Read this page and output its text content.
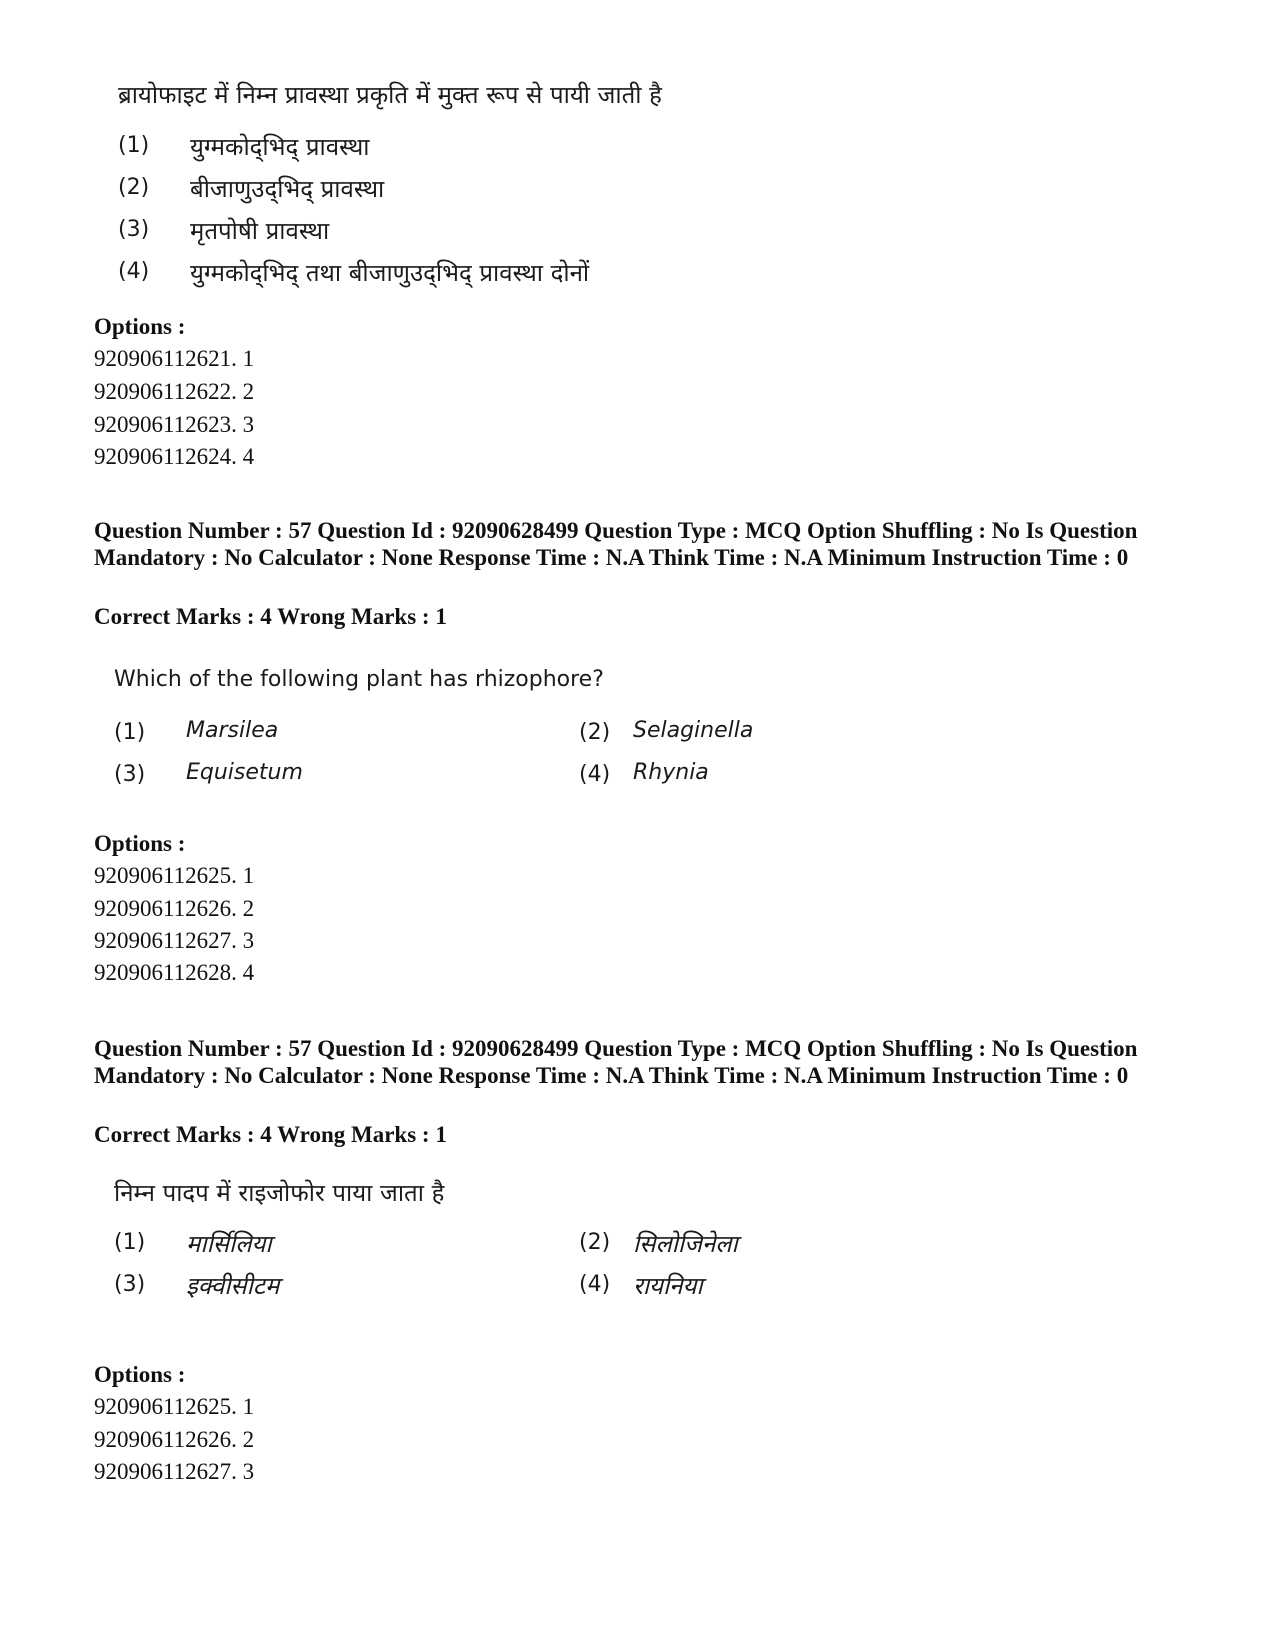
ब्रायोफाइट में निम्न प्रावस्था प्रकृति में मुक्त रूप से पायी जाती है
(1) युग्मकोद्‌भिद्‌ प्रावस्था
(2) बीजाणुउद्‌भिद्‌ प्रावस्था
(3) मृतपोषी प्रावस्था
(4) युग्मकोद्‌भिद्‌ तथा बीजाणुउद्‌भिद्‌ प्रावस्था दोनों
Options :
920906112621. 1
920906112622. 2
920906112623. 3
920906112624. 4
Question Number : 57 Question Id : 92090628499 Question Type : MCQ Option Shuffling : No Is Question Mandatory : No Calculator : None Response Time : N.A Think Time : N.A Minimum Instruction Time : 0
Correct Marks : 4 Wrong Marks : 1
Which of the following plant has rhizophore?
(1) Marsilea	(2) Selaginella
(3) Equisetum	(4) Rhynia
Options :
920906112625. 1
920906112626. 2
920906112627. 3
920906112628. 4
Question Number : 57 Question Id : 92090628499 Question Type : MCQ Option Shuffling : No Is Question Mandatory : No Calculator : None Response Time : N.A Think Time : N.A Minimum Instruction Time : 0
Correct Marks : 4 Wrong Marks : 1
निम्न पादप में राइजोफोर पाया जाता है
(1) मार्सिलिया	(2) सिलोजिनेला
(3) इक्वीसीटम	(4) रायनिया
Options :
920906112625. 1
920906112626. 2
920906112627. 3
